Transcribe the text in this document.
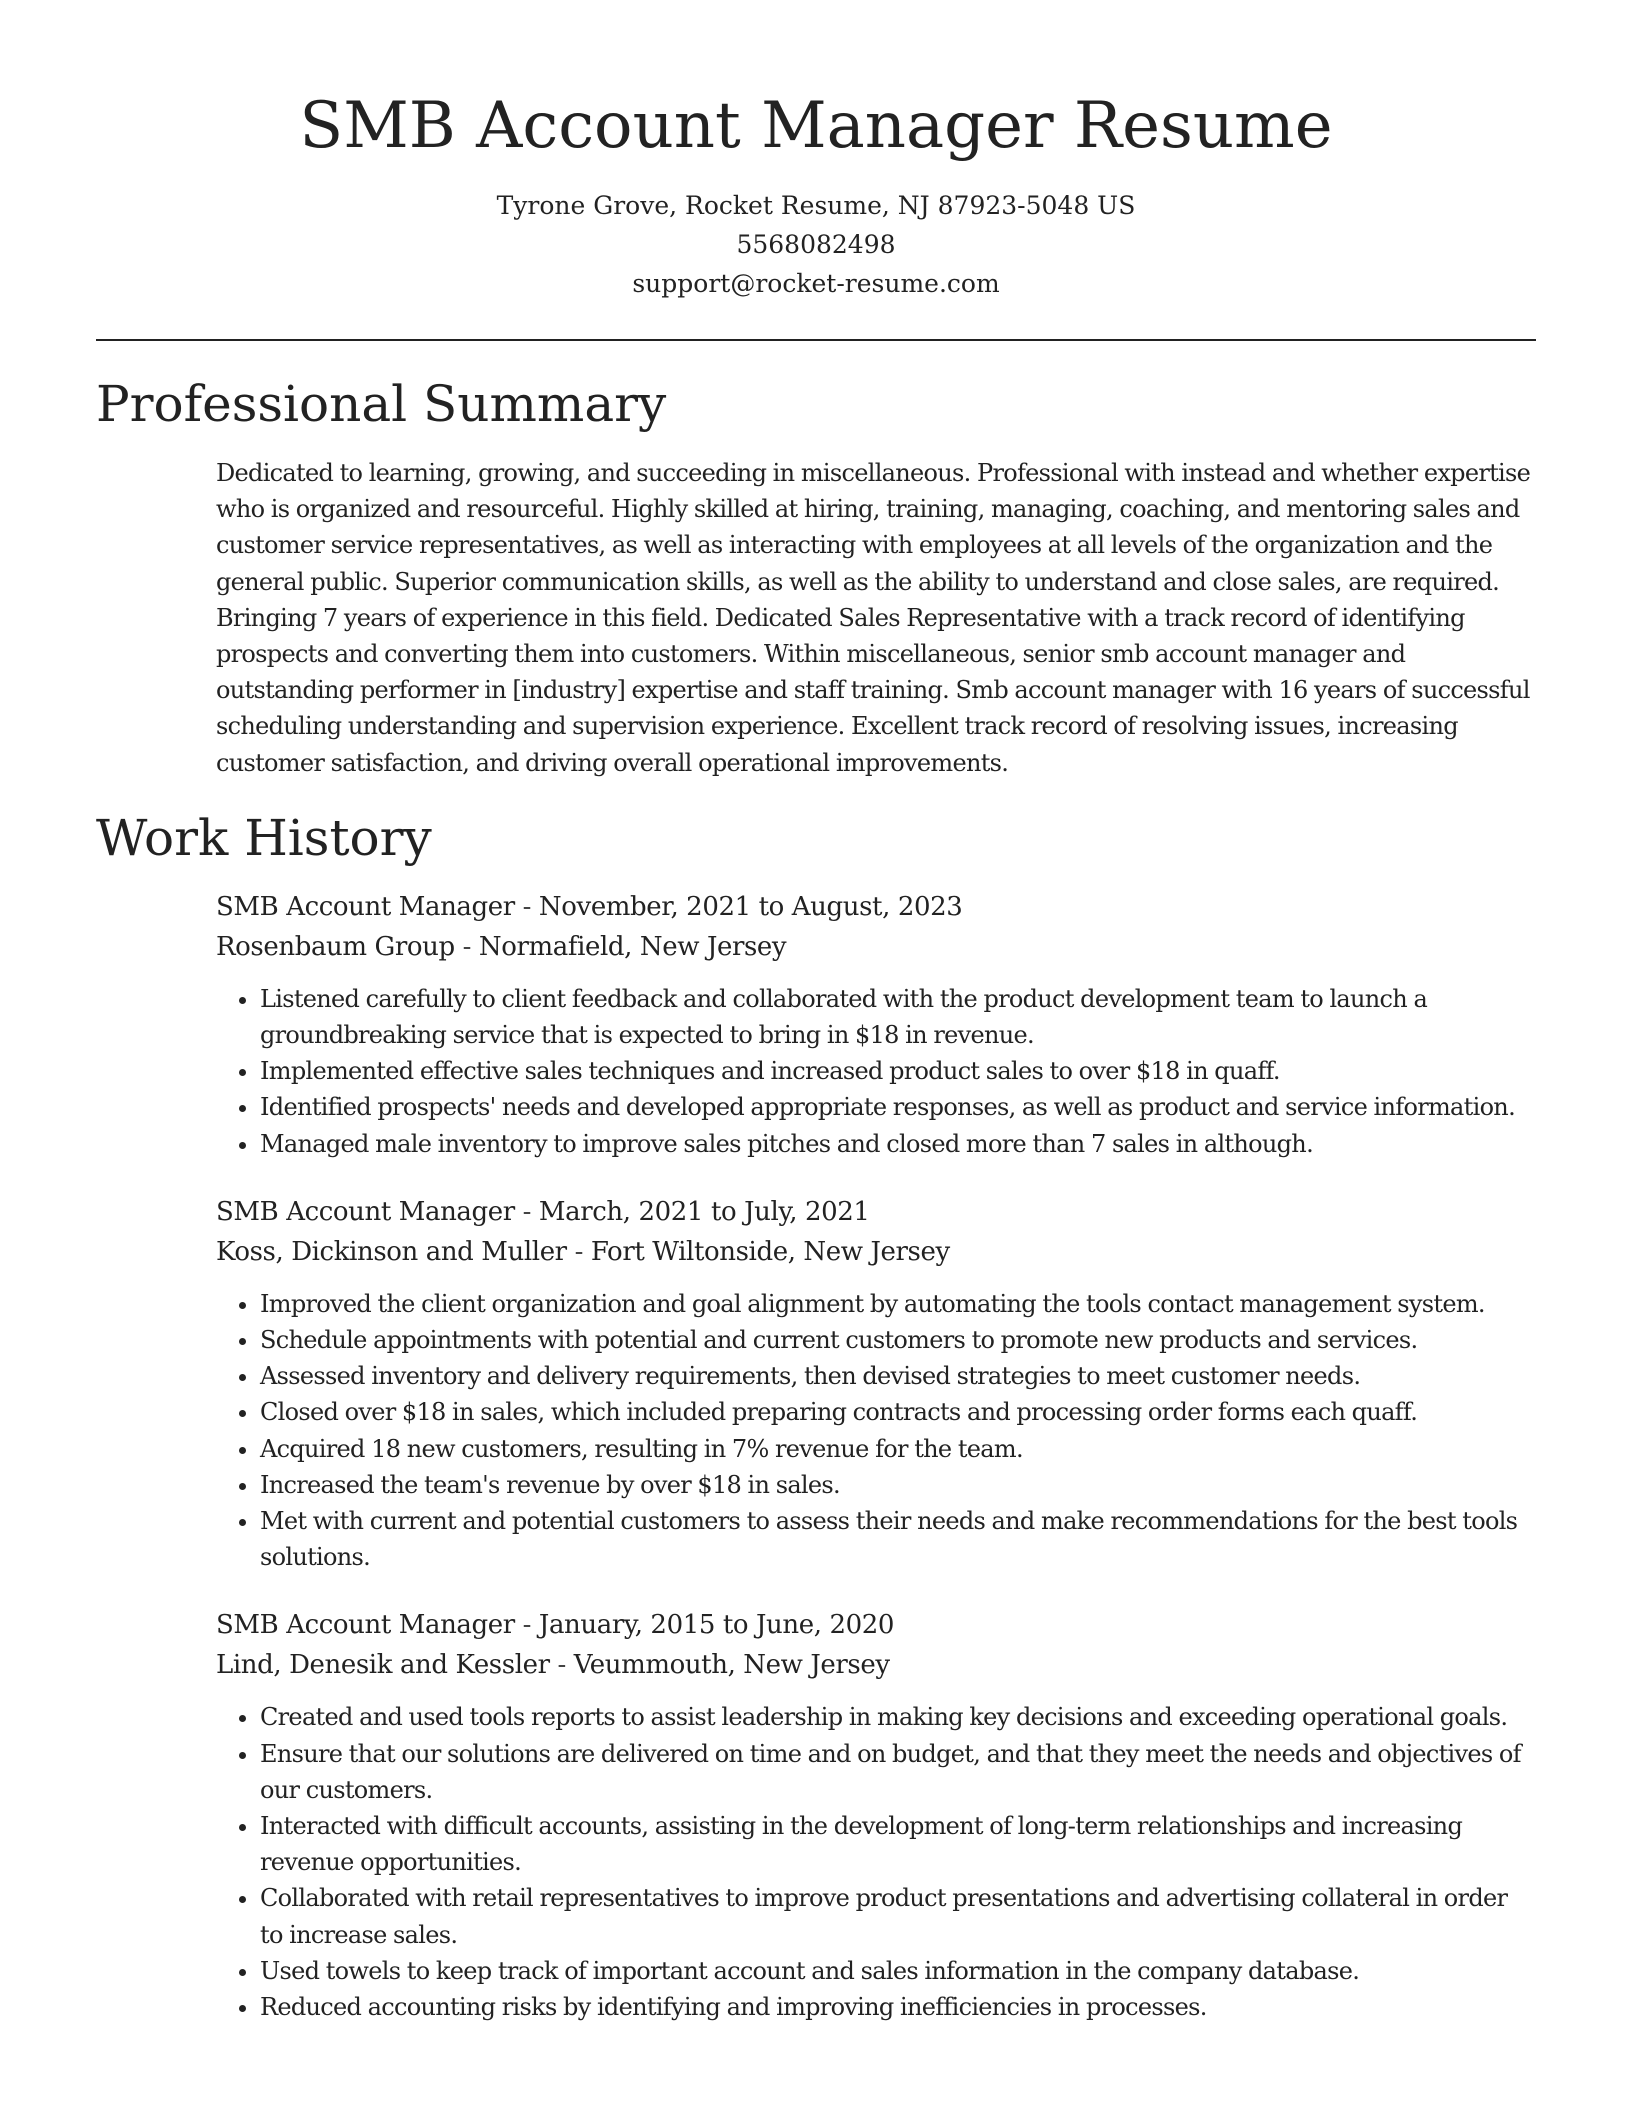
SMB Account Manager Resume
Tyrone Grove, Rocket Resume, NJ 87923-5048 US
5568082498
support@rocket-resume.com
Professional Summary

Dedicated to learning, growing, and succeeding in miscellaneous. Professional with instead and whether expertise who is organized and resourceful. Highly skilled at hiring, training, managing, coaching, and mentoring sales and customer service representatives, as well as interacting with employees at all levels of the organization and the general public. Superior communication skills, as well as the ability to understand and close sales, are required. Bringing 7 years of experience in this field. Dedicated Sales Representative with a track record of identifying prospects and converting them into customers. Within miscellaneous, senior smb account manager and outstanding performer in [industry] expertise and staff training. Smb account manager with 16 years of successful scheduling understanding and supervision experience. Excellent track record of resolving issues, increasing customer satisfaction, and driving overall operational improvements.

Work History
SMB Account Manager - November, 2021 to August, 2023
Rosenbaum Group - Normafield, New Jersey
• Listened carefully to client feedback and collaborated with the product development team to launch a groundbreaking service that is expected to bring in $18 in revenue.
• Implemented effective sales techniques and increased product sales to over $18 in quaff.
• Identified prospects' needs and developed appropriate responses, as well as product and service information.
• Managed male inventory to improve sales pitches and closed more than 7 sales in although.
SMB Account Manager - March, 2021 to July, 2021
Koss, Dickinson and Muller - Fort Wiltonside, New Jersey
• Improved the client organization and goal alignment by automating the tools contact management system.
• Schedule appointments with potential and current customers to promote new products and services.
• Assessed inventory and delivery requirements, then devised strategies to meet customer needs.
• Closed over $18 in sales, which included preparing contracts and processing order forms each quaff.
• Acquired 18 new customers, resulting in 7% revenue for the team.
• Increased the team's revenue by over $18 in sales.
• Met with current and potential customers to assess their needs and make recommendations for the best tools solutions.
SMB Account Manager - January, 2015 to June, 2020
Lind, Denesik and Kessler - Veummouth, New Jersey
• Created and used tools reports to assist leadership in making key decisions and exceeding operational goals.
• Ensure that our solutions are delivered on time and on budget, and that they meet the needs and objectives of our customers.
• Interacted with difficult accounts, assisting in the development of long-term relationships and increasing revenue opportunities.
• Collaborated with retail representatives to improve product presentations and advertising collateral in order to increase sales.
• Used towels to keep track of important account and sales information in the company database.
• Reduced accounting risks by identifying and improving inefficiencies in processes.
